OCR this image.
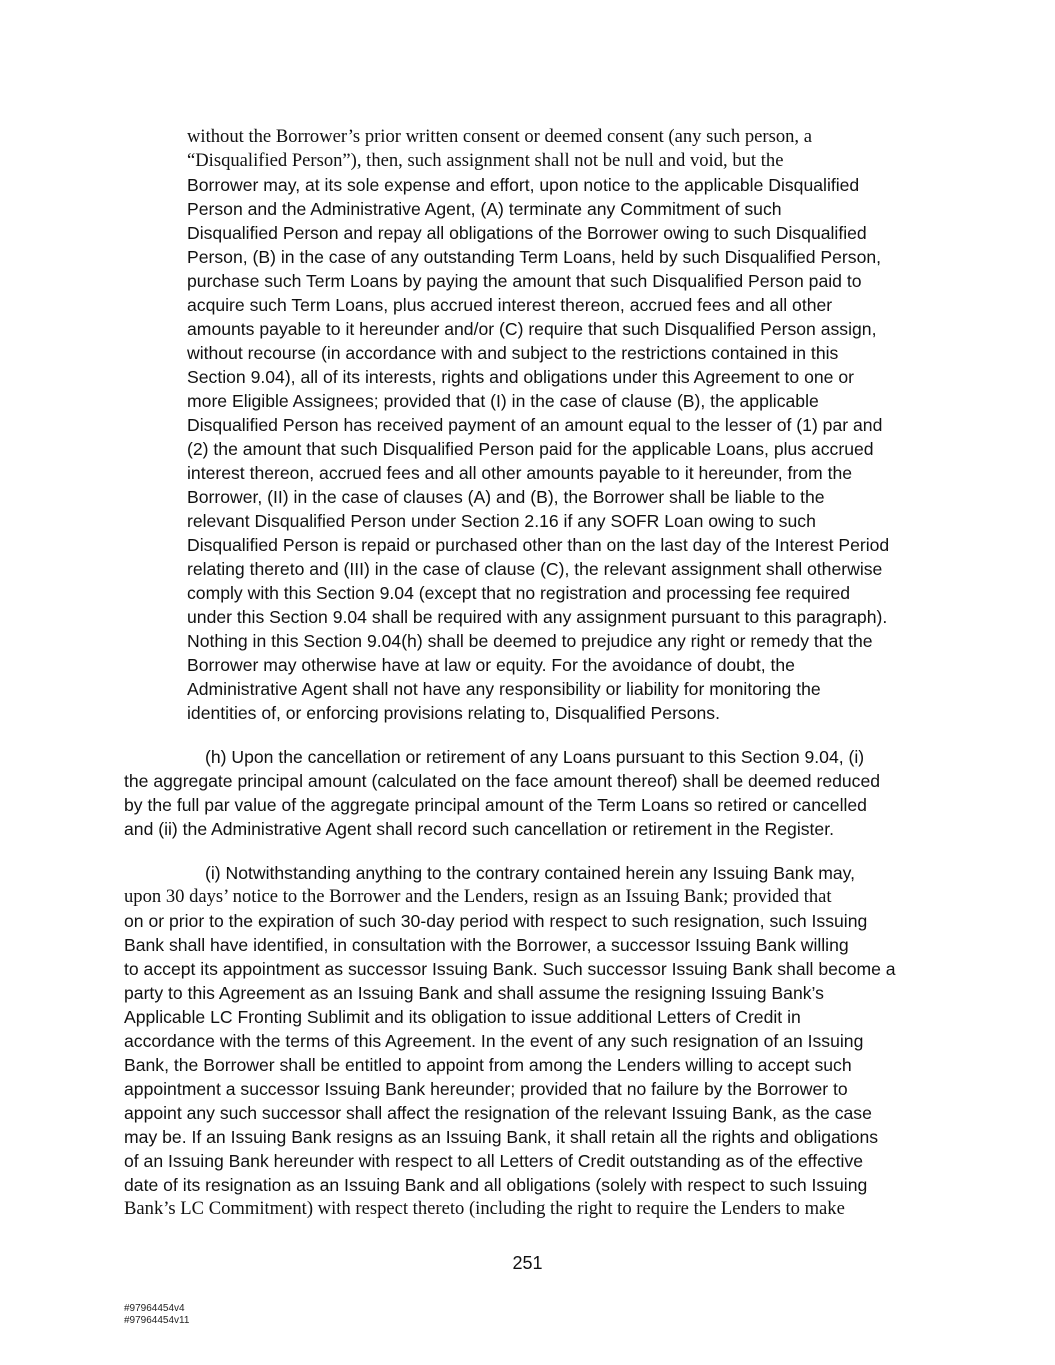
without the Borrower’s prior written consent or deemed consent (any such person, a
“Disqualified Person”), then, such assignment shall not be null and void, but the
Borrower may, at its sole expense and effort, upon notice to the applicable Disqualified
Person and the Administrative Agent, (A) terminate any Commitment of such
Disqualified Person and repay all obligations of the Borrower owing to such Disqualified
Person, (B) in the case of any outstanding Term Loans, held by such Disqualified Person,
purchase such Term Loans by paying the amount that such Disqualified Person paid to
acquire such Term Loans, plus accrued interest thereon, accrued fees and all other
amounts payable to it hereunder and/or (C) require that such Disqualified Person assign,
without recourse (in accordance with and subject to the restrictions contained in this
Section 9.04), all of its interests, rights and obligations under this Agreement to one or
more Eligible Assignees; provided that (I) in the case of clause (B), the applicable
Disqualified Person has received payment of an amount equal to the lesser of (1) par and
(2) the amount that such Disqualified Person paid for the applicable Loans, plus accrued
interest thereon, accrued fees and all other amounts payable to it hereunder, from the
Borrower, (II) in the case of clauses (A) and (B), the Borrower shall be liable to the
relevant Disqualified Person under Section 2.16 if any SOFR Loan owing to such
Disqualified Person is repaid or purchased other than on the last day of the Interest Period
relating thereto and (III) in the case of clause (C), the relevant assignment shall otherwise
comply with this Section 9.04 (except that no registration and processing fee required
under this Section 9.04 shall be required with any assignment pursuant to this paragraph).
Nothing in this Section 9.04(h) shall be deemed to prejudice any right or remedy that the
Borrower may otherwise have at law or equity. For the avoidance of doubt, the
Administrative Agent shall not have any responsibility or liability for monitoring the
identities of, or enforcing provisions relating to, Disqualified Persons.
(h) Upon the cancellation or retirement of any Loans pursuant to this Section 9.04, (i)
the aggregate principal amount (calculated on the face amount thereof) shall be deemed reduced
by the full par value of the aggregate principal amount of the Term Loans so retired or cancelled
and (ii) the Administrative Agent shall record such cancellation or retirement in the Register.
(i) Notwithstanding anything to the contrary contained herein any Issuing Bank may,
upon 30 days’ notice to the Borrower and the Lenders, resign as an Issuing Bank; provided that
on or prior to the expiration of such 30-day period with respect to such resignation, such Issuing
Bank shall have identified, in consultation with the Borrower, a successor Issuing Bank willing
to accept its appointment as successor Issuing Bank. Such successor Issuing Bank shall become a
party to this Agreement as an Issuing Bank and shall assume the resigning Issuing Bank’s
Applicable LC Fronting Sublimit and its obligation to issue additional Letters of Credit in
accordance with the terms of this Agreement. In the event of any such resignation of an Issuing
Bank, the Borrower shall be entitled to appoint from among the Lenders willing to accept such
appointment a successor Issuing Bank hereunder; provided that no failure by the Borrower to
appoint any such successor shall affect the resignation of the relevant Issuing Bank, as the case
may be. If an Issuing Bank resigns as an Issuing Bank, it shall retain all the rights and obligations
of an Issuing Bank hereunder with respect to all Letters of Credit outstanding as of the effective
date of its resignation as an Issuing Bank and all obligations (solely with respect to such Issuing
Bank’s LC Commitment) with respect thereto (including the right to require the Lenders to make
251
#97964454v4
#97964454v11
